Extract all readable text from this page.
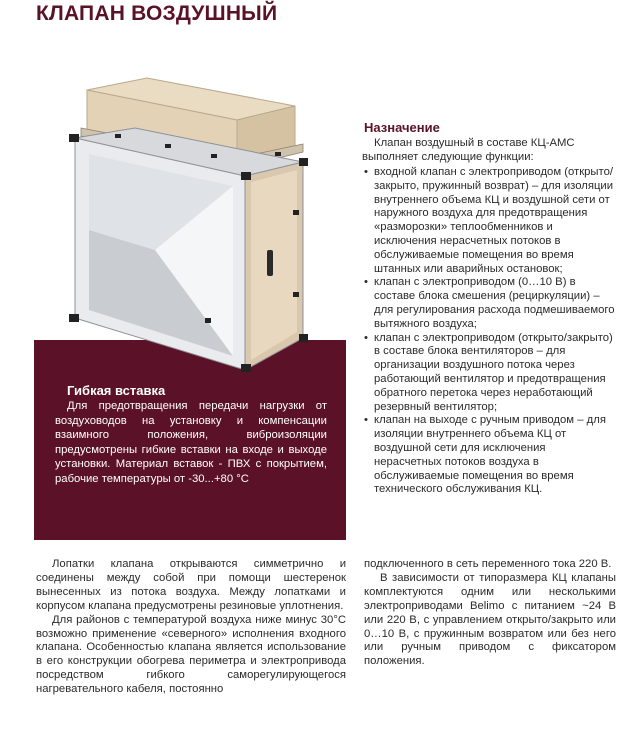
КЛАПАН ВОЗДУШНЫЙ
Гибкая вставка

Для предотвращения передачи нагрузки от воздуховодов на установку и компенсации взаимного положения, виброизоляции предусмотрены гибкие вставки на входе и выходе установки. Материал вставок - ПВХ с покрытием, рабочие температуры от -30...+80 °С

Назначение

Клапан воздушный в составе КЦ-АМС выполняет следующие функции:

• входной клапан с электроприводом (открыто/закрыто, пружинный возврат) – для изоляции внутреннего объема КЦ и воздушной сети от наружного воздуха для предотвращения «разморозки» теплообменников и исключения нерасчетных потоков в обслуживаемые помещения во время штанных или аварийных остановок;
• клапан с электроприводом (0…10 В) в составе блока смешения (рециркуляции) – для регулирования расхода подмешиваемого вытяжного воздуха;
• клапан с электроприводом (открыто/закрыто) в составе блока вентиляторов – для организации воздушного потока через работающий вентилятор и предотвращения обратного перетока через неработающий резервный вентилятор;
• клапан на выходе с ручным приводом – для изоляции внутреннего объема КЦ от воздушной сети для исключения нерасчетных потоков воздуха в обслуживаемые помещения во время технического обслуживания КЦ.

Лопатки клапана открываются симметрично и соединены между собой при помощи шестеренок вынесенных из потока воздуха. Между лопатками и корпусом клапана предусмотрены резиновые уплотнения.

Для районов с температурой воздуха ниже минус 30°С возможно применение «северного» исполнения входного клапана. Особенностью клапана является использование в его конструкции обогрева периметра и электропривода посредством гибкого саморегулирующегося нагревательного кабеля, постоянно

подключенного в сеть переменного тока 220 В.

В зависимости от типоразмера КЦ клапаны комплектуются одним или несколькими электроприводами Belimo с питанием ~24 В или 220 В, с управлением открыто/закрыто или 0…10 В, с пружинным возвратом или без него или ручным приводом с фиксатором положения.
